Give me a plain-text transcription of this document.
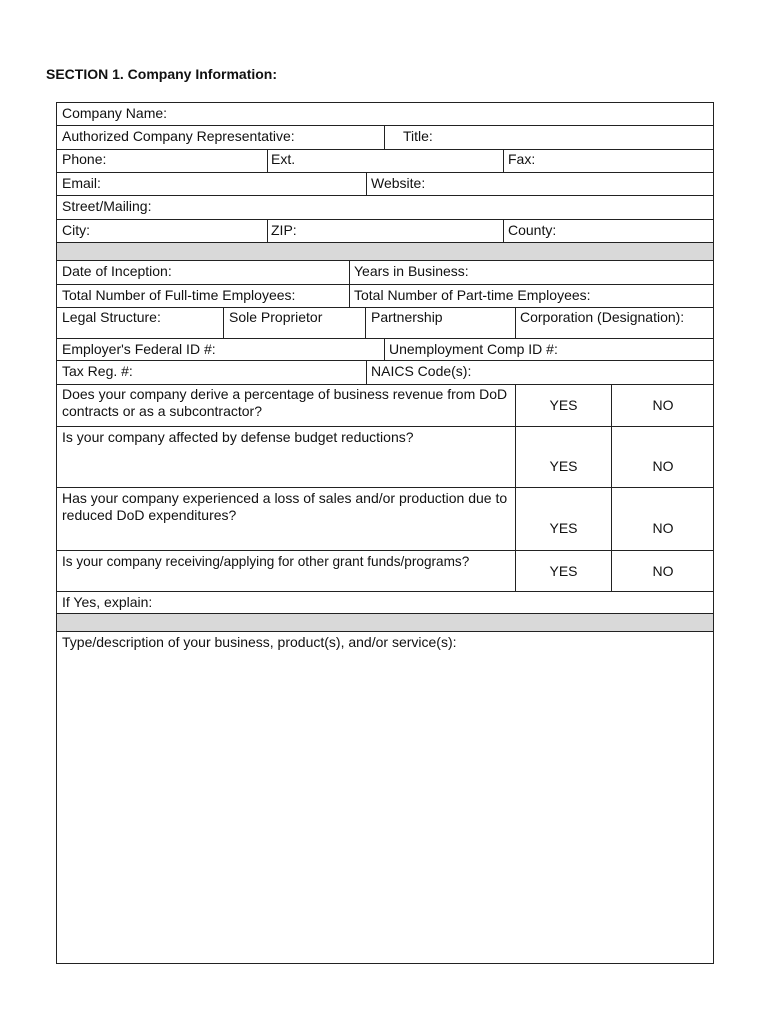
SECTION 1. Company Information:
Company Name:
Authorized Company Representative:	Title:
Phone:	Ext.	Fax:
Email:	Website:
Street/Mailing:
City:	ZIP:	County:
Date of Inception:	Years in Business:
Total Number of Full-time Employees:	Total Number of Part-time Employees:
Legal Structure:	Sole Proprietor	Partnership	Corporation (Designation):
Employer's Federal ID #:	Unemployment Comp ID #:
Tax Reg. #:	NAICS Code(s):
Does your company derive a percentage of business revenue from DoD contracts or as a subcontractor?	YES	NO
Is your company affected by defense budget reductions?
YES	NO
Has your company experienced a loss of sales and/or production due to reduced DoD expenditures?
YES	NO
Is your company receiving/applying for other grant funds/programs?
YES	NO
If Yes, explain:
Type/description of your business, product(s), and/or service(s):
